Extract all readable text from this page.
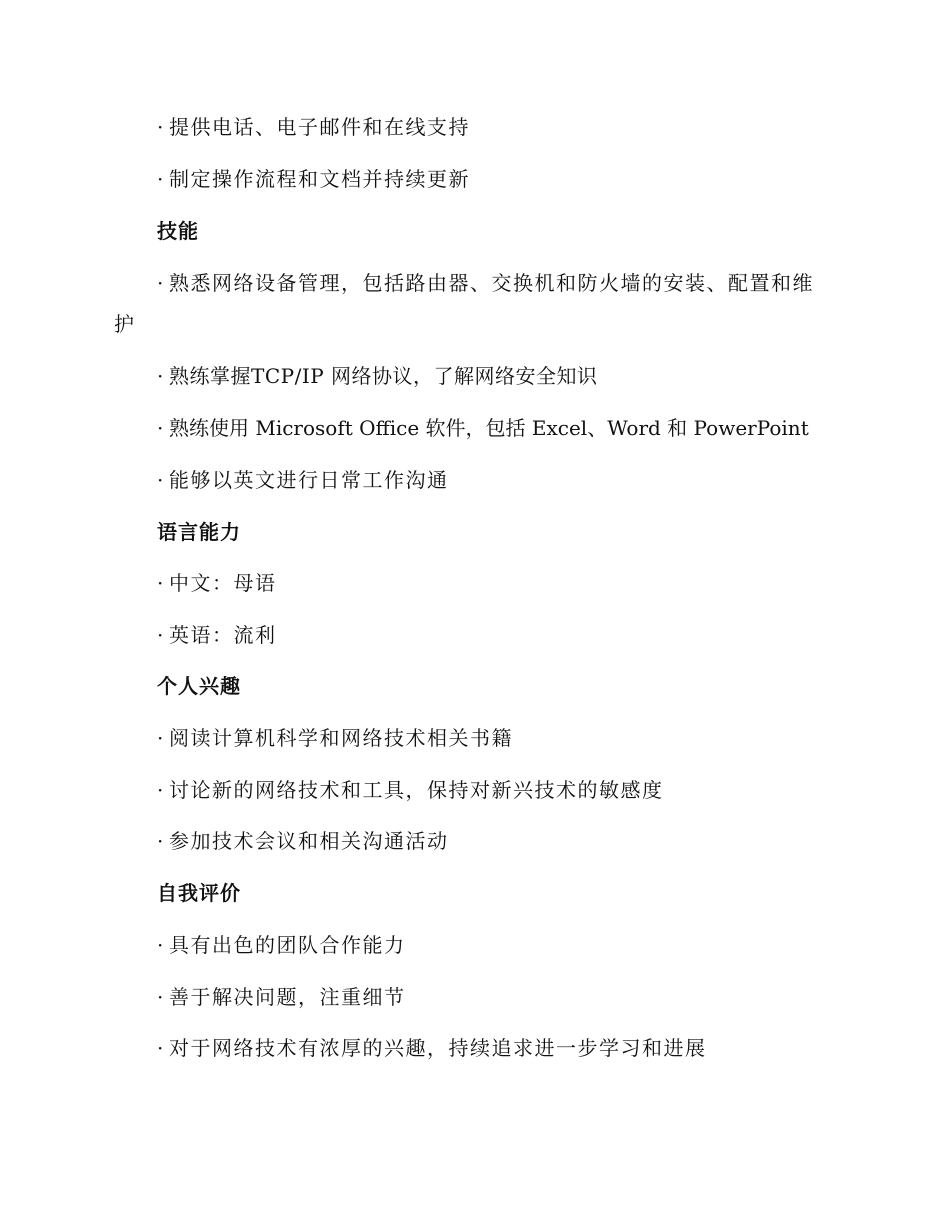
· 提供电话、电子邮件和在线支持
· 制定操作流程和文档并持续更新
技能
· 熟悉网络设备管理，包括路由器、交换机和防火墙的安装、配置和维
护
· 熟练掌握TCP/IP 网络协议，了解网络安全知识
· 熟练使用 Microsoft Office 软件，包括 Excel、Word 和 PowerPoint
· 能够以英文进行日常工作沟通
语言能力
· 中文：母语
· 英语：流利
个人兴趣
· 阅读计算机科学和网络技术相关书籍
· 讨论新的网络技术和工具，保持对新兴技术的敏感度
· 参加技术会议和相关沟通活动
自我评价
· 具有出色的团队合作能力
· 善于解决问题，注重细节
· 对于网络技术有浓厚的兴趣，持续追求进一步学习和进展
